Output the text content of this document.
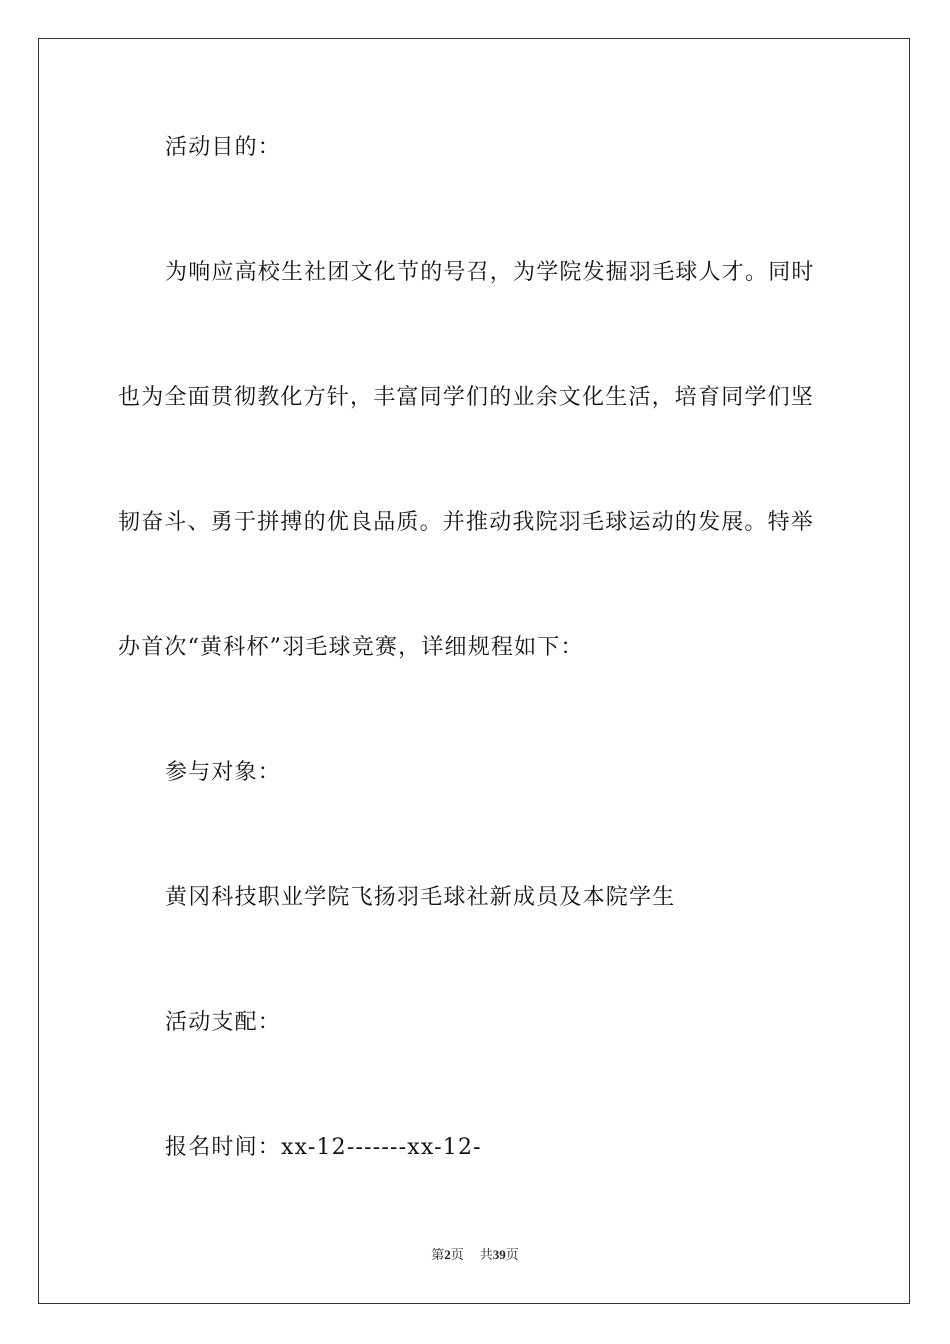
活动目的：
为响应高校生社团文化节的号召，为学院发掘羽毛球人才。同时
也为全面贯彻教化方针，丰富同学们的业余文化生活，培育同学们坚
韧奋斗、勇于拼搏的优良品质。并推动我院羽毛球运动的发展。特举
办首次“黄科杯”羽毛球竞赛，详细规程如下：
参与对象：
黄冈科技职业学院飞扬羽毛球社新成员及本院学生
活动支配：
报名时间：xx-12-------xx-12-
第2页 共39页
